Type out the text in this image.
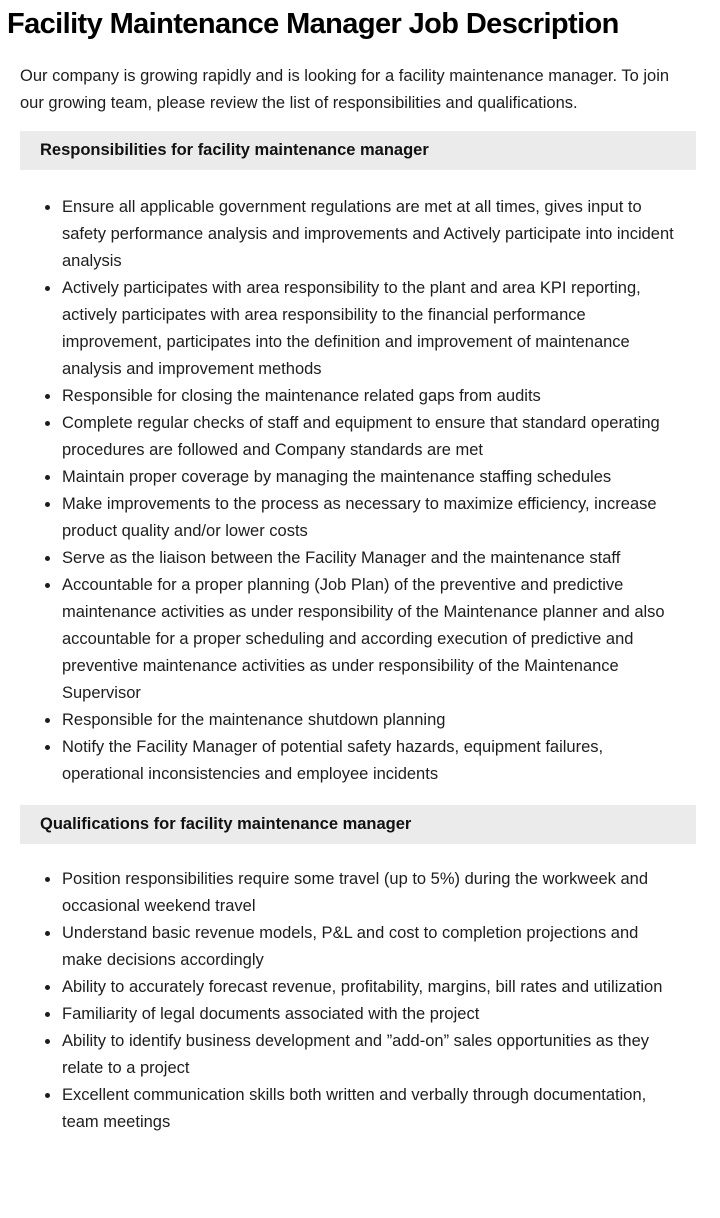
Facility Maintenance Manager Job Description

Our company is growing rapidly and is looking for a facility maintenance manager. To join our growing team, please review the list of responsibilities and qualifications.

Responsibilities for facility maintenance manager
Ensure all applicable government regulations are met at all times, gives input to safety performance analysis and improvements and Actively participate into incident analysis
Actively participates with area responsibility to the plant and area KPI reporting, actively participates with area responsibility to the financial performance improvement, participates into the definition and improvement of maintenance analysis and improvement methods
Responsible for closing the maintenance related gaps from audits
Complete regular checks of staff and equipment to ensure that standard operating procedures are followed and Company standards are met
Maintain proper coverage by managing the maintenance staffing schedules
Make improvements to the process as necessary to maximize efficiency, increase product quality and/or lower costs
Serve as the liaison between the Facility Manager and the maintenance staff
Accountable for a proper planning (Job Plan) of the preventive and predictive maintenance activities as under responsibility of the Maintenance planner and also accountable for a proper scheduling and according execution of predictive and preventive maintenance activities as under responsibility of the Maintenance Supervisor
Responsible for the maintenance shutdown planning
Notify the Facility Manager of potential safety hazards, equipment failures, operational inconsistencies and employee incidents
Qualifications for facility maintenance manager
Position responsibilities require some travel (up to 5%) during the workweek and occasional weekend travel
Understand basic revenue models, P&L and cost to completion projections and make decisions accordingly
Ability to accurately forecast revenue, profitability, margins, bill rates and utilization
Familiarity of legal documents associated with the project
Ability to identify business development and ”add-on” sales opportunities as they relate to a project
Excellent communication skills both written and verbally through documentation, team meetings
